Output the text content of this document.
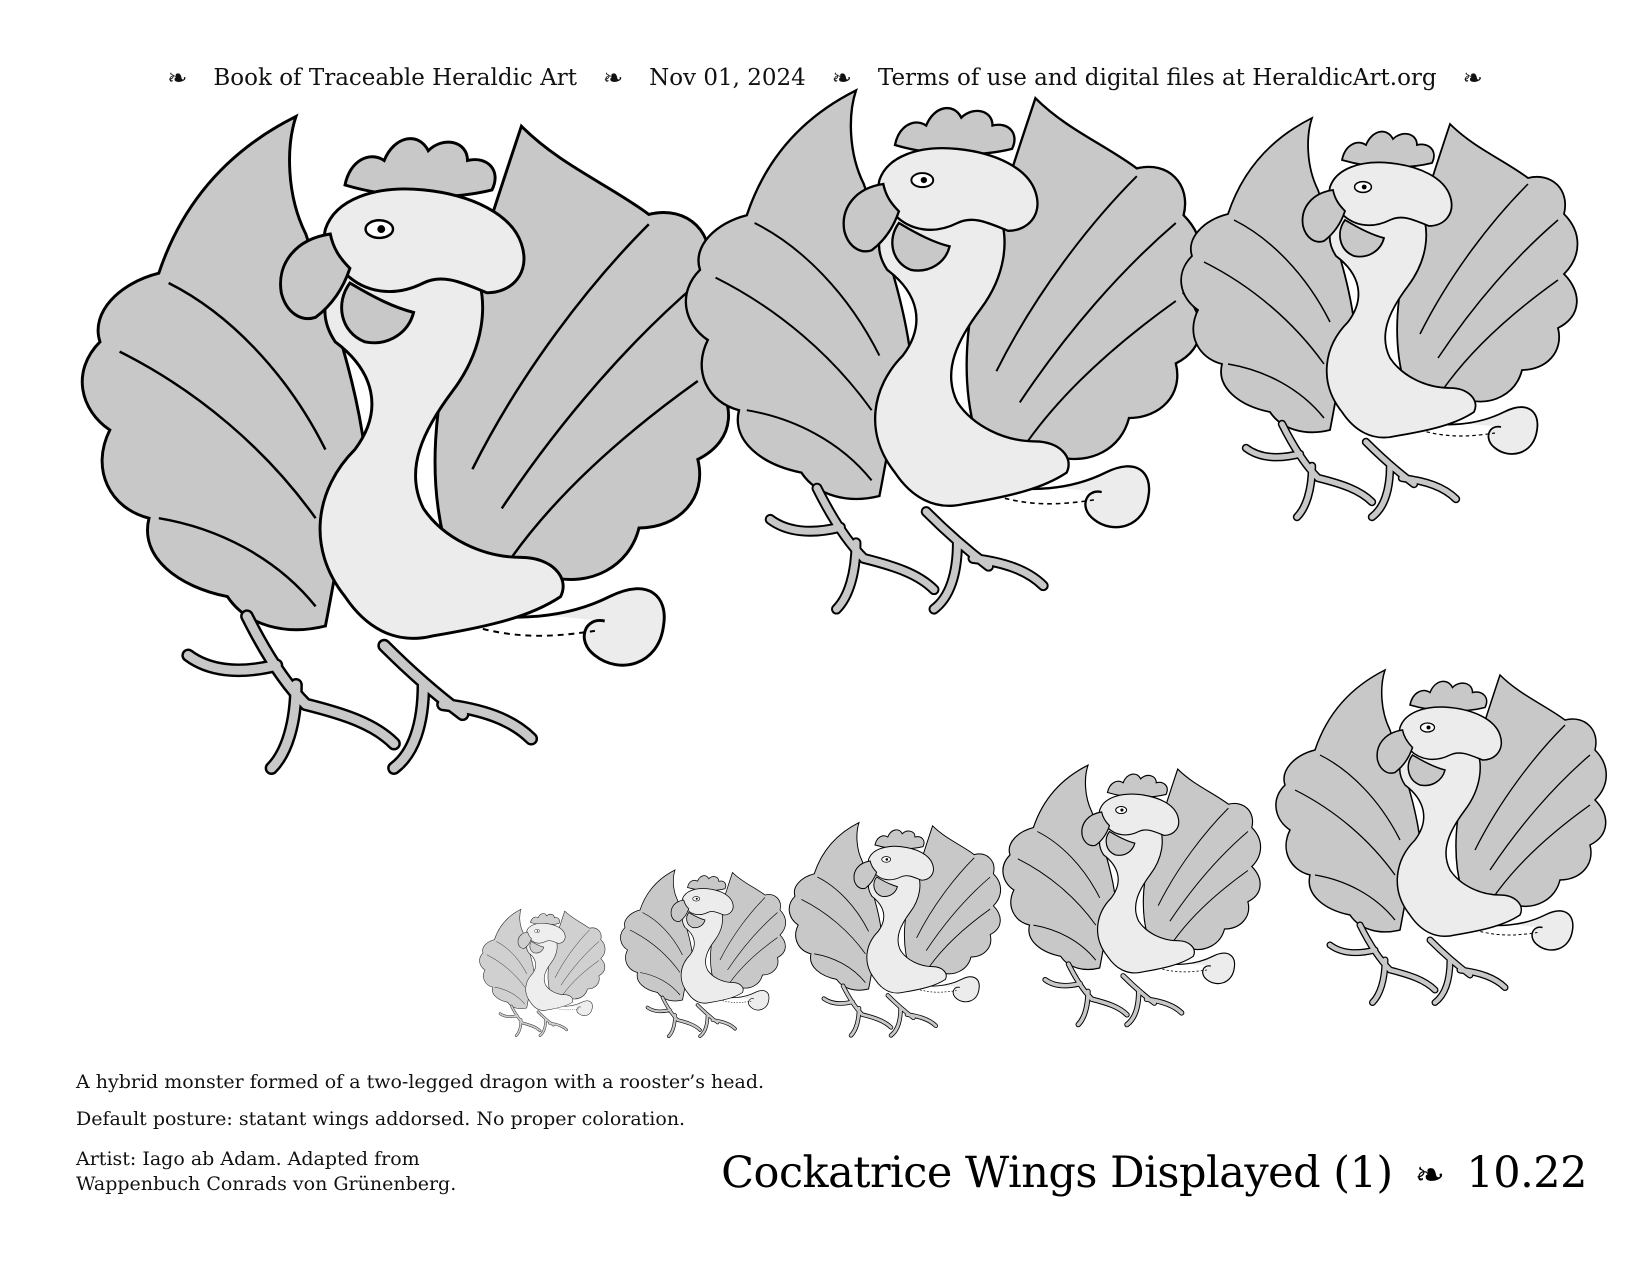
❧ Book of Traceable Heraldic Art ❧ Nov 01, 2024 ❧ Terms of use and digital files at HeraldicArt.org ❧
A hybrid monster formed of a two-legged dragon with a rooster’s head.
Default posture: statant wings addorsed. No proper coloration.
Artist: Iago ab Adam. Adapted from Wappenbuch Conrads von Grünenberg.	Cockatrice Wings Displayed (1) ❧ 10.22
